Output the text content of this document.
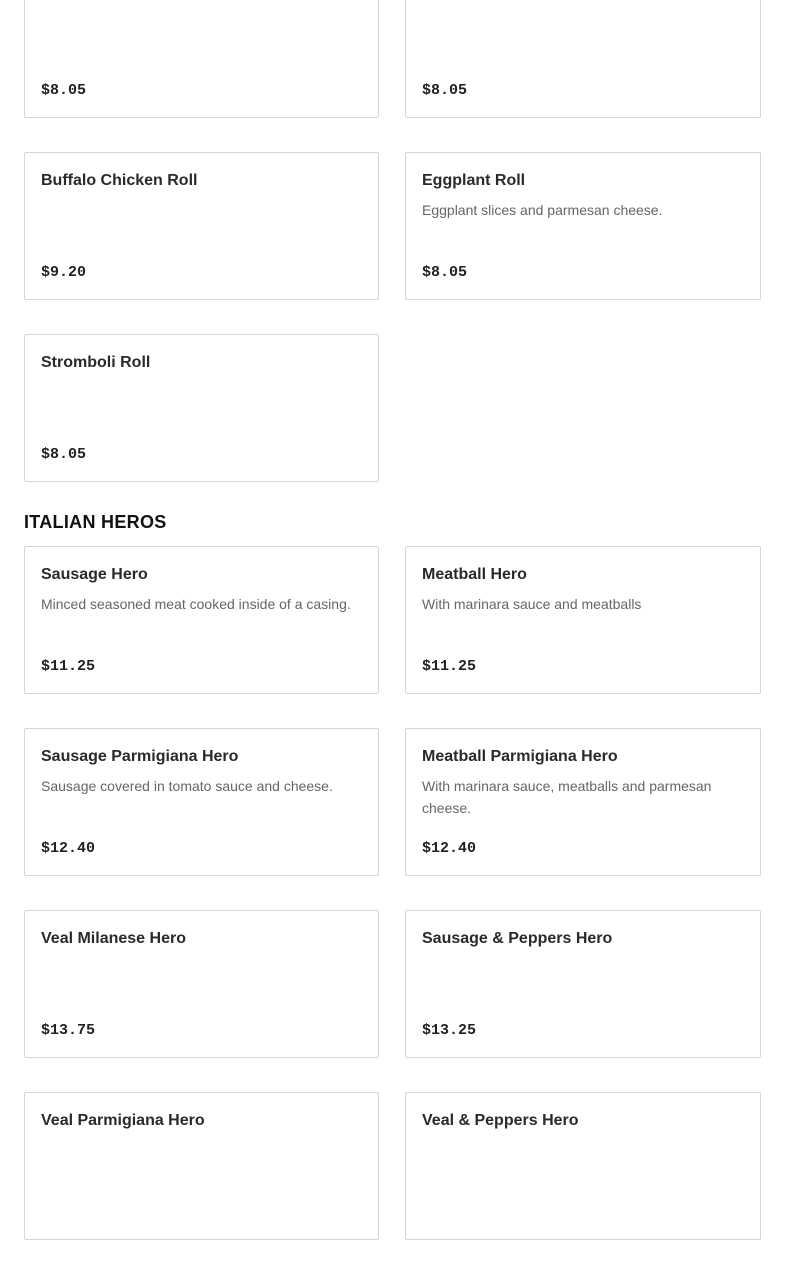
$8.05	$8.05
Buffalo Chicken Roll
$9.20
Eggplant Roll
Eggplant slices and parmesan cheese.
$8.05
Stromboli Roll
$8.05
ITALIAN HEROS
Sausage Hero
Minced seasoned meat cooked inside of a casing.
$11.25
Meatball Hero
With marinara sauce and meatballs
$11.25
Sausage Parmigiana Hero
Sausage covered in tomato sauce and cheese.
$12.40
Meatball Parmigiana Hero
With marinara sauce, meatballs and parmesan cheese.
$12.40
Veal Milanese Hero
$13.75
Sausage & Peppers Hero
$13.25
Veal Parmigiana Hero	Veal & Peppers Hero
